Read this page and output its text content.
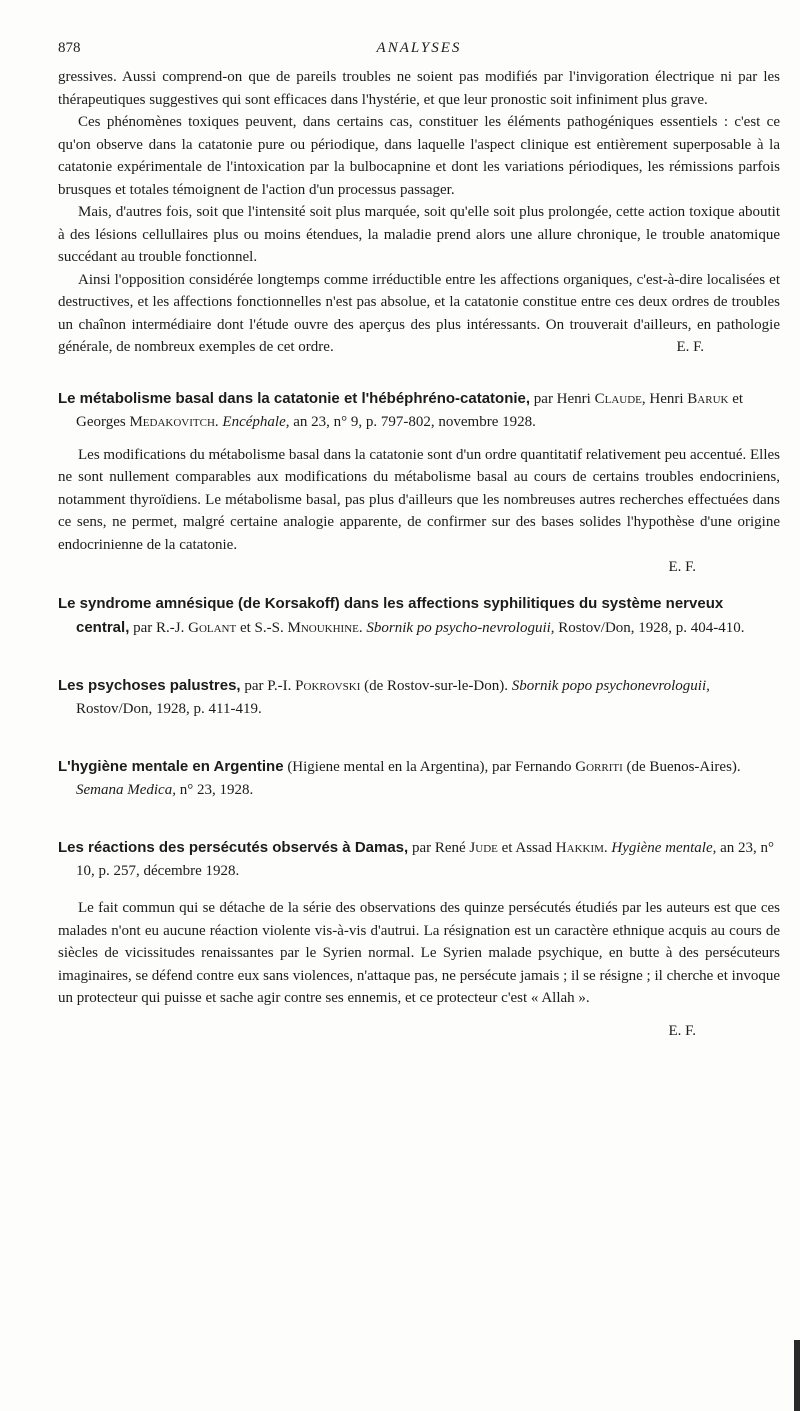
878	ANALYSES

gressives. Aussi comprend-on que de pareils troubles ne soient pas modifiés par l'invigoration électrique ni par les thérapeutiques suggestives qui sont efficaces dans l'hystérie, et que leur pronostic soit infiniment plus grave.

Ces phénomènes toxiques peuvent, dans certains cas, constituer les éléments pathogéniques essentiels : c'est ce qu'on observe dans la catatonie pure ou périodique, dans laquelle l'aspect clinique est entièrement superposable à la catatonie expérimentale de l'intoxication par la bulbocapnine et dont les variations périodiques, les rémissions parfois brusques et totales témoignent de l'action d'un processus passager.

Mais, d'autres fois, soit que l'intensité soit plus marquée, soit qu'elle soit plus prolongée, cette action toxique aboutit à des lésions cellullaires plus ou moins étendues, la maladie prend alors une allure chronique, le trouble anatomique succédant au trouble fonctionnel.

Ainsi l'opposition considérée longtemps comme irréductible entre les affections organiques, c'est-à-dire localisées et destructives, et les affections fonctionnelles n'est pas absolue, et la catatonie constitue entre ces deux ordres de troubles un chaînon intermédiaire dont l'étude ouvre des aperçus des plus intéressants. On trouverait d'ailleurs, en pathologie générale, de nombreux exemples de cet ordre.	E. F.

Le métabolisme basal dans la catatonie et l'hébéphréno-catatonie, par Henri Claude, Henri Baruk et Georges Medakovitch. Encéphale, an 23, n° 9, p. 797-802, novembre 1928.

Les modifications du métabolisme basal dans la catatonie sont d'un ordre quantitatif relativement peu accentué. Elles ne sont nullement comparables aux modifications du métabolisme basal au cours de certains troubles endocriniens, notamment thyroïdiens. Le métabolisme basal, pas plus d'ailleurs que les nombreuses autres recherches effectuées dans ce sens, ne permet, malgré certaine analogie apparente, de confirmer sur des bases solides l'hypothèse d'une origine endocrinienne de la catatonie.

E. F.

Le syndrome amnésique (de Korsakoff) dans les affections syphilitiques du système nerveux central, par R.-J. Golant et S.-S. Mnoukhine. Sbornik po psycho-nevrologuii, Rostov/Don, 1928, p. 404-410.

Les psychoses palustres, par P.-I. Pokrovski (de Rostov-sur-le-Don). Sbornik popo psychonevrologuii, Rostov/Don, 1928, p. 411-419.

L'hygiène mentale en Argentine (Higiene mental en la Argentina), par Fernando Gorriti (de Buenos-Aires). Semana Medica, n° 23, 1928.

Les réactions des persécutés observés à Damas, par René Jude et Assad Hakkim. Hygiène mentale, an 23, n° 10, p. 257, décembre 1928.

Le fait commun qui se détache de la série des observations des quinze persécutés étudiés par les auteurs est que ces malades n'ont eu aucune réaction violente vis-à-vis d'autrui. La résignation est un caractère ethnique acquis au cours de siècles de vicissitudes renaissantes par le Syrien normal. Le Syrien malade psychique, en butte à des persécuteurs imaginaires, se défend contre eux sans violences, n'attaque pas, ne persécute jamais ; il se résigne ; il cherche et invoque un protecteur qui puisse et sache agir contre ses ennemis, et ce protecteur c'est « Allah ».

E. F.
